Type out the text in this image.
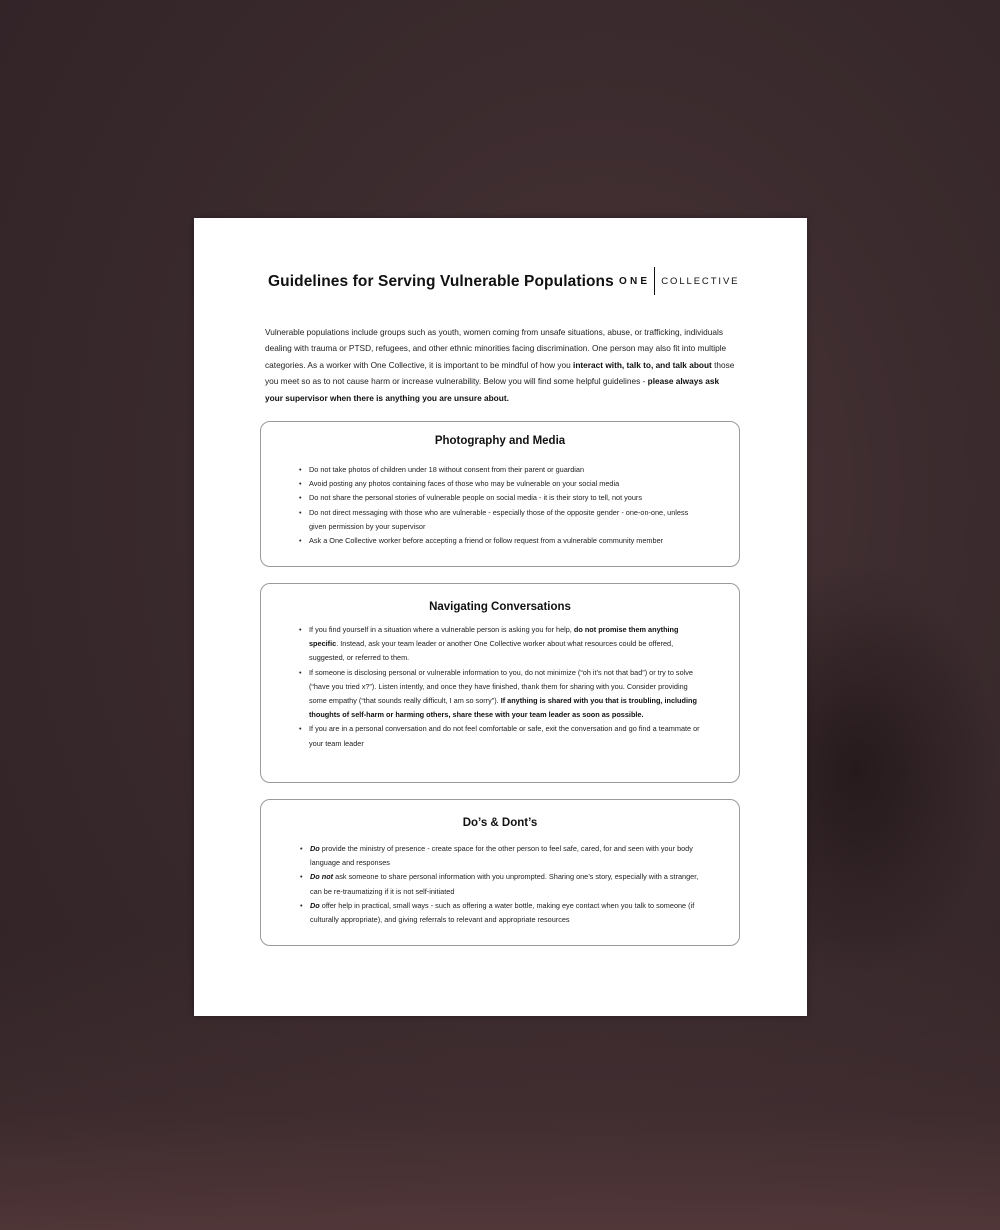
Guidelines for Serving Vulnerable Populations ONE COLLECTIVE

Vulnerable populations include groups such as youth, women coming from unsafe situations, abuse, or trafficking, individuals dealing with trauma or PTSD, refugees, and other ethnic minorities facing discrimination. One person may also fit into multiple categories. As a worker with One Collective, it is important to be mindful of how you interact with, talk to, and talk about those you meet so as to not cause harm or increase vulnerability. Below you will find some helpful guidelines - please always ask your supervisor when there is anything you are unsure about.

Photography and Media
• Do not take photos of children under 18 without consent from their parent or guardian
• Avoid posting any photos containing faces of those who may be vulnerable on your social media
• Do not share the personal stories of vulnerable people on social media - it is their story to tell, not yours
• Do not direct messaging with those who are vulnerable - especially those of the opposite gender - one-on-one, unless given permission by your supervisor
• Ask a One Collective worker before accepting a friend or follow request from a vulnerable community member
Navigating Conversations
• If you find yourself in a situation where a vulnerable person is asking you for help, do not promise them anything specific. Instead, ask your team leader or another One Collective worker about what resources could be offered, suggested, or referred to them.
• If someone is disclosing personal or vulnerable information to you, do not minimize (“oh it’s not that bad”) or try to solve (“have you tried x?”). Listen intently, and once they have finished, thank them for sharing with you. Consider providing some empathy (“that sounds really difficult, I am so sorry”). If anything is shared with you that is troubling, including thoughts of self-harm or harming others, share these with your team leader as soon as possible.
• If you are in a personal conversation and do not feel comfortable or safe, exit the conversation and go find a teammate or your team leader
Do’s & Dont’s
• Do provide the ministry of presence - create space for the other person to feel safe, cared, for and seen with your body language and responses
• Do not ask someone to share personal information with you unprompted. Sharing one’s story, especially with a stranger, can be re-traumatizing if it is not self-initiated
• Do offer help in practical, small ways - such as offering a water bottle, making eye contact when you talk to someone (if culturally appropriate), and giving referrals to relevant and appropriate resources
